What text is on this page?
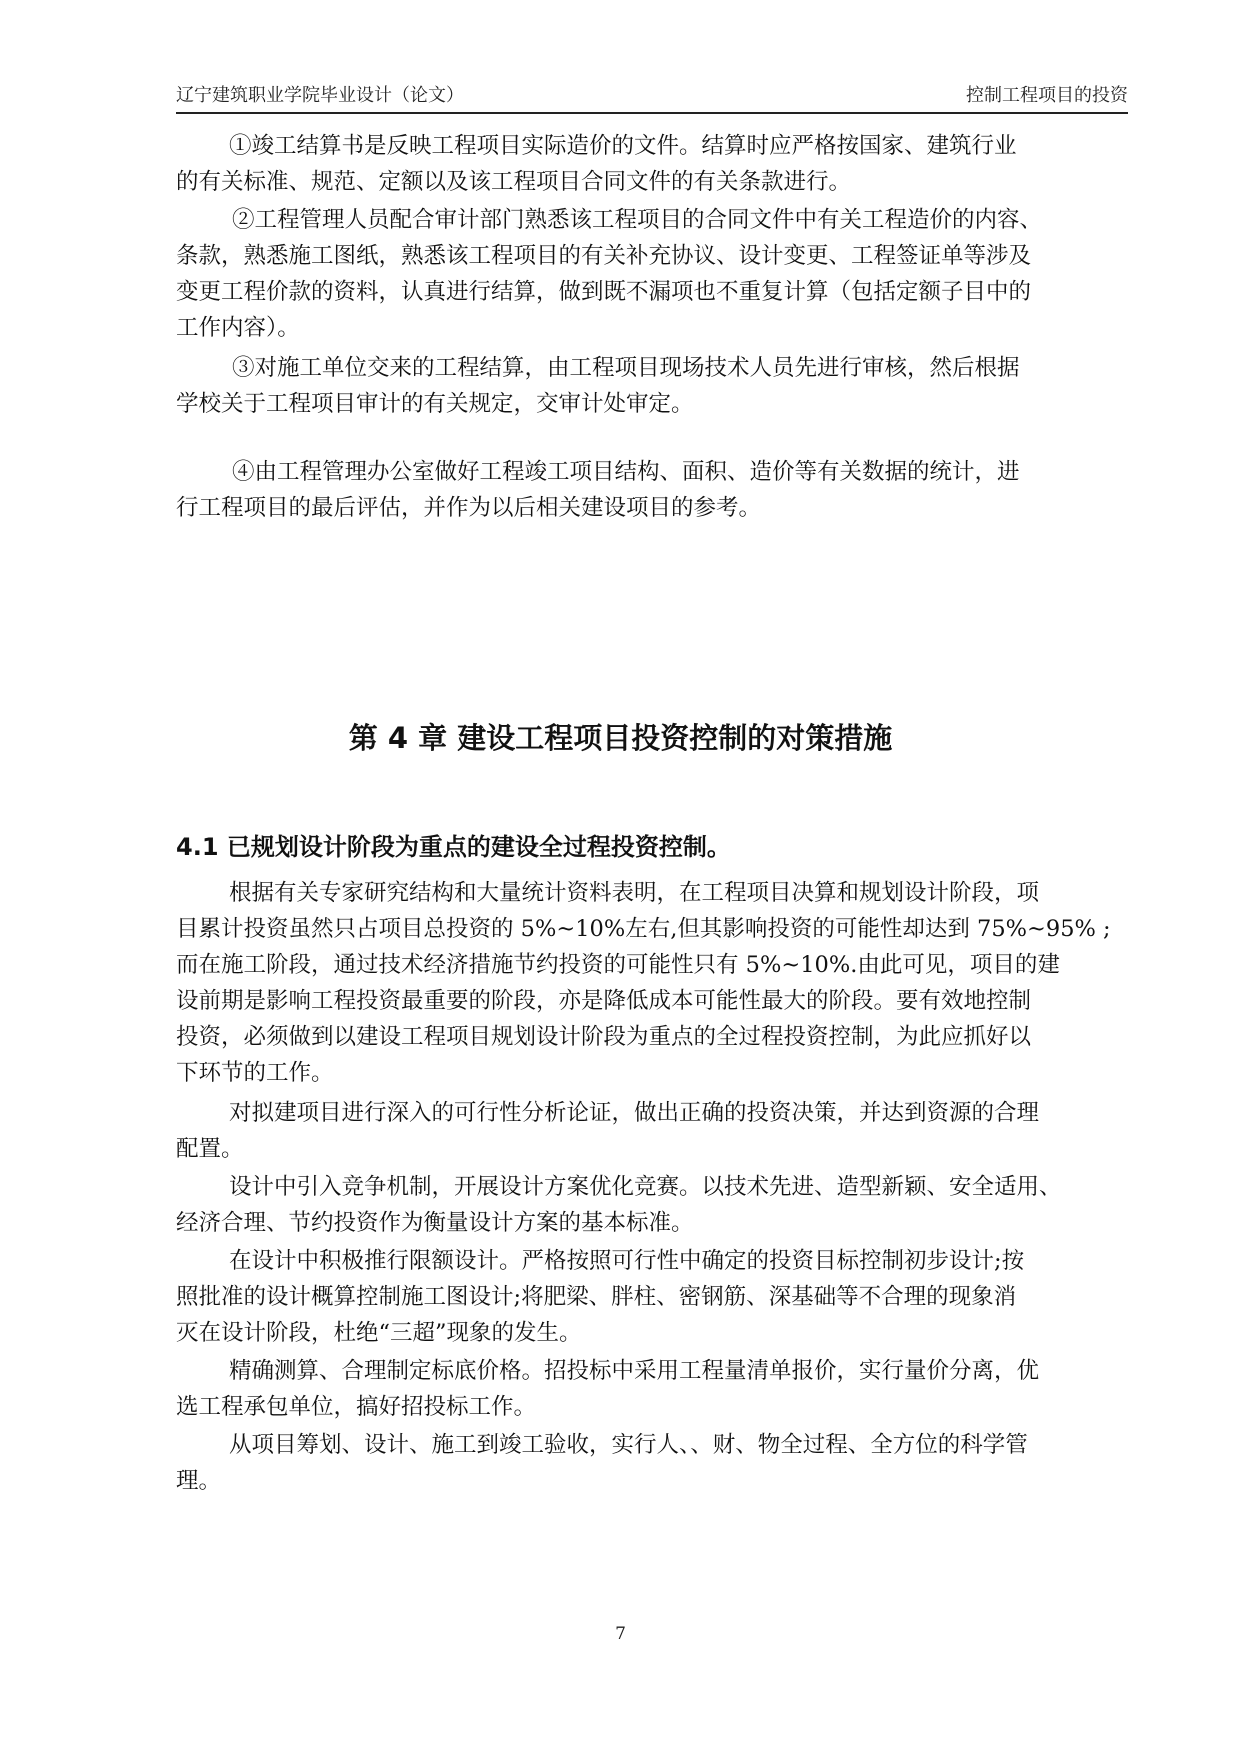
辽宁建筑职业学院毕业设计（论文）	控制工程项目的投资

①竣工结算书是反映工程项目实际造价的文件。结算时应严格按国家、建筑行业
的有关标准、规范、定额以及该工程项目合同文件的有关条款进行。

②工程管理人员配合审计部门熟悉该工程项目的合同文件中有关工程造价的内容、
条款，熟悉施工图纸，熟悉该工程项目的有关补充协议、设计变更、工程签证单等涉及
变更工程价款的资料，认真进行结算，做到既不漏项也不重复计算（包括定额子目中的
工作内容）。

③对施工单位交来的工程结算，由工程项目现场技术人员先进行审核，然后根据
学校关于工程项目审计的有关规定，交审计处审定。

④由工程管理办公室做好工程竣工项目结构、面积、造价等有关数据的统计，进
行工程项目的最后评估，并作为以后相关建设项目的参考。

第 4 章 建设工程项目投资控制的对策措施
4.1 已规划设计阶段为重点的建设全过程投资控制。

根据有关专家研究结构和大量统计资料表明，在工程项目决算和规划设计阶段，项
目累计投资虽然只占项目总投资的 5%~10%左右,但其影响投资的可能性却达到 75%~95% ;
而在施工阶段，通过技术经济措施节约投资的可能性只有 5%~10%.由此可见，项目的建
设前期是影响工程投资最重要的阶段，亦是降低成本可能性最大的阶段。要有效地控制
投资，必须做到以建设工程项目规划设计阶段为重点的全过程投资控制，为此应抓好以
下环节的工作。

对拟建项目进行深入的可行性分析论证，做出正确的投资决策，并达到资源的合理
配置。

设计中引入竞争机制，开展设计方案优化竞赛。以技术先进、造型新颖、安全适用、
经济合理、节约投资作为衡量设计方案的基本标准。

在设计中积极推行限额设计。严格按照可行性中确定的投资目标控制初步设计;按
照批准的设计概算控制施工图设计;将肥梁、胖柱、密钢筋、深基础等不合理的现象消
灭在设计阶段，杜绝“三超”现象的发生。

精确测算、合理制定标底价格。招投标中采用工程量清单报价，实行量价分离，优
选工程承包单位，搞好招投标工作。

从项目筹划、设计、施工到竣工验收，实行人、、财、物全过程、全方位的科学管
理。

7
